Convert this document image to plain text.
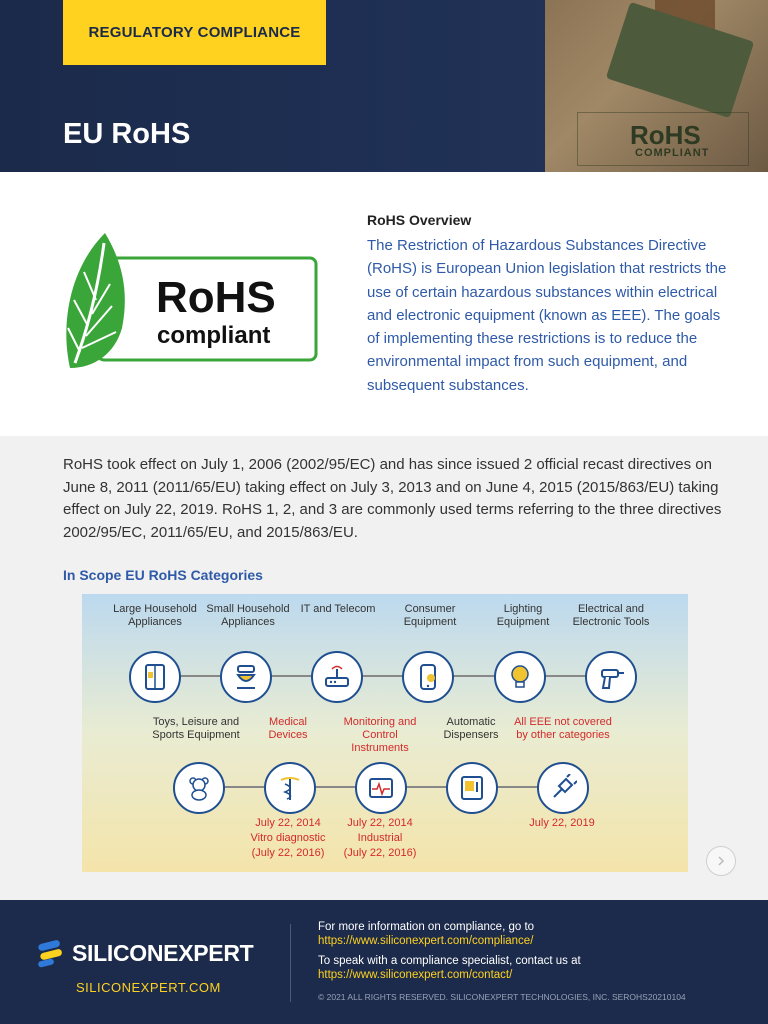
REGULATORY COMPLIANCE
EU RoHS	RoHS
COMPLIANT
RoHS
compliant
RoHS Overview
The Restriction of Hazardous Substances Directive (RoHS) is European Union legislation that restricts the use of certain hazardous substances within electrical and electronic equipment (known as EEE). The goals of implementing these restrictions is to reduce the environmental impact from such equipment, and subsequent substances.
RoHS took effect on July 1, 2006 (2002/95/EC) and has since issued 2 official recast directives on June 8, 2011 (2011/65/EU) taking effect on July 3, 2013 and on June 4, 2015 (2015/863/EU) taking effect on July 22, 2019. RoHS 1, 2, and 3 are commonly used terms referring to the three directives 2002/95/EC, 2011/65/EU, and 2015/863/EU.
In Scope EU RoHS Categories
Large Household Appliances
Small Household Appliances
IT and Telecom	Consumer Equipment
Lighting Equipment
Electrical and Electronic Tools
Toys, Leisure and Sports Equipment
Medical Devices
Monitoring and Control Instruments
Automatic Dispensers
All EEE not covered by other categories
July 22, 2014
Vitro diagnostic
(July 22, 2016)
July 22, 2014
Industrial
(July 22, 2016)
July 22, 2019
SILICONEXPERT
SILICONEXPERT.COM
For more information on compliance, go to
https://www.siliconexpert.com/compliance/
To speak with a compliance specialist, contact us at
https://www.siliconexpert.com/contact/
© 2021 ALL RIGHTS RESERVED. SILICONEXPERT TECHNOLOGIES, INC. SEROHS20210104
